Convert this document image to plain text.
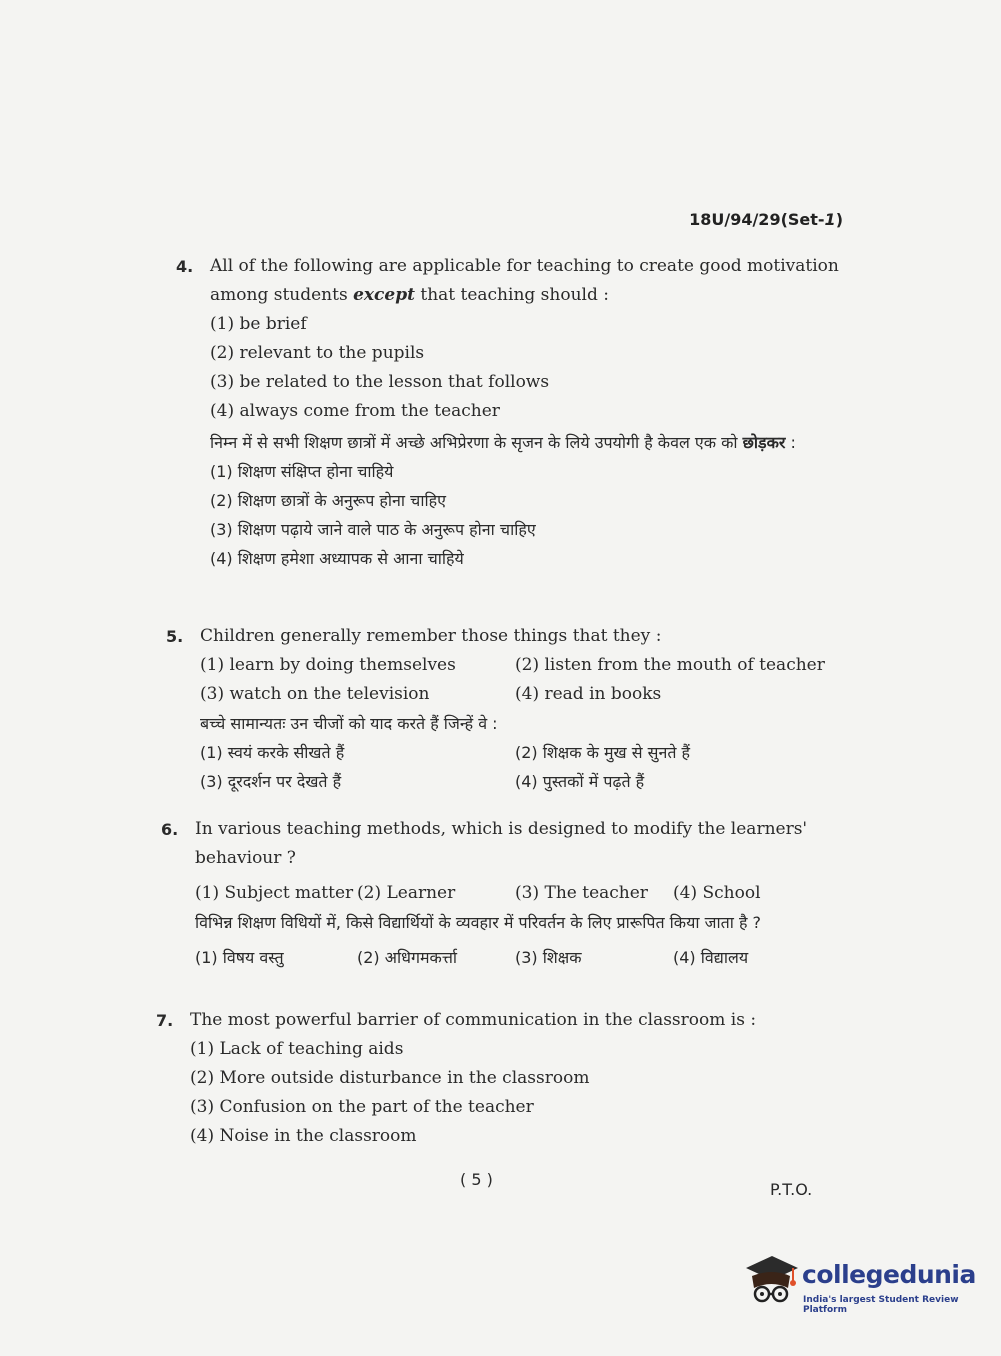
18U/94/29(Set-1)
4. All of the following are applicable for teaching to create good motivation among students except that teaching should :

(1) be brief
(2) relevant to the pupils
(3) be related to the lesson that follows
(4) always come from the teacher

निम्न में से सभी शिक्षण छात्रों में अच्छे अभिप्रेरणा के सृजन के लिये उपयोगी है केवल एक को छोड़कर :

(1) शिक्षण संक्षिप्त होना चाहिये
(2) शिक्षण छात्रों के अनुरूप होना चाहिए
(3) शिक्षण पढ़ाये जाने वाले पाठ के अनुरूप होना चाहिए
(4) शिक्षण हमेशा अध्यापक से आना चाहिये
5. Children generally remember those things that they :

(1) learn by doing themselves	(2) listen from the mouth of teacher
(3) watch on the television	(4) read in books

बच्चे सामान्यतः उन चीजों को याद करते हैं जिन्हें वे :

(1) स्वयं करके सीखते हैं	(2) शिक्षक के मुख से सुनते हैं
(3) दूरदर्शन पर देखते हैं	(4) पुस्तकों में पढ़ते हैं
6. In various teaching methods, which is designed to modify the learners' behaviour ?

(1) Subject matter (2) Learner	(3) The teacher	(4) School

विभिन्न शिक्षण विधियों में, किसे विद्यार्थियों के व्यवहार में परिवर्तन के लिए प्रारूपित किया जाता है ?

(1) विषय वस्तु	(2) अधिगमकर्त्ता	(3) शिक्षक	(4) विद्यालय
7. The most powerful barrier of communication in the classroom is :

(1) Lack of teaching aids
(2) More outside disturbance in the classroom
(3) Confusion on the part of the teacher
(4) Noise in the classroom
( 5 )
P.T.O.
collegedunia
India's largest Student Review Platform
